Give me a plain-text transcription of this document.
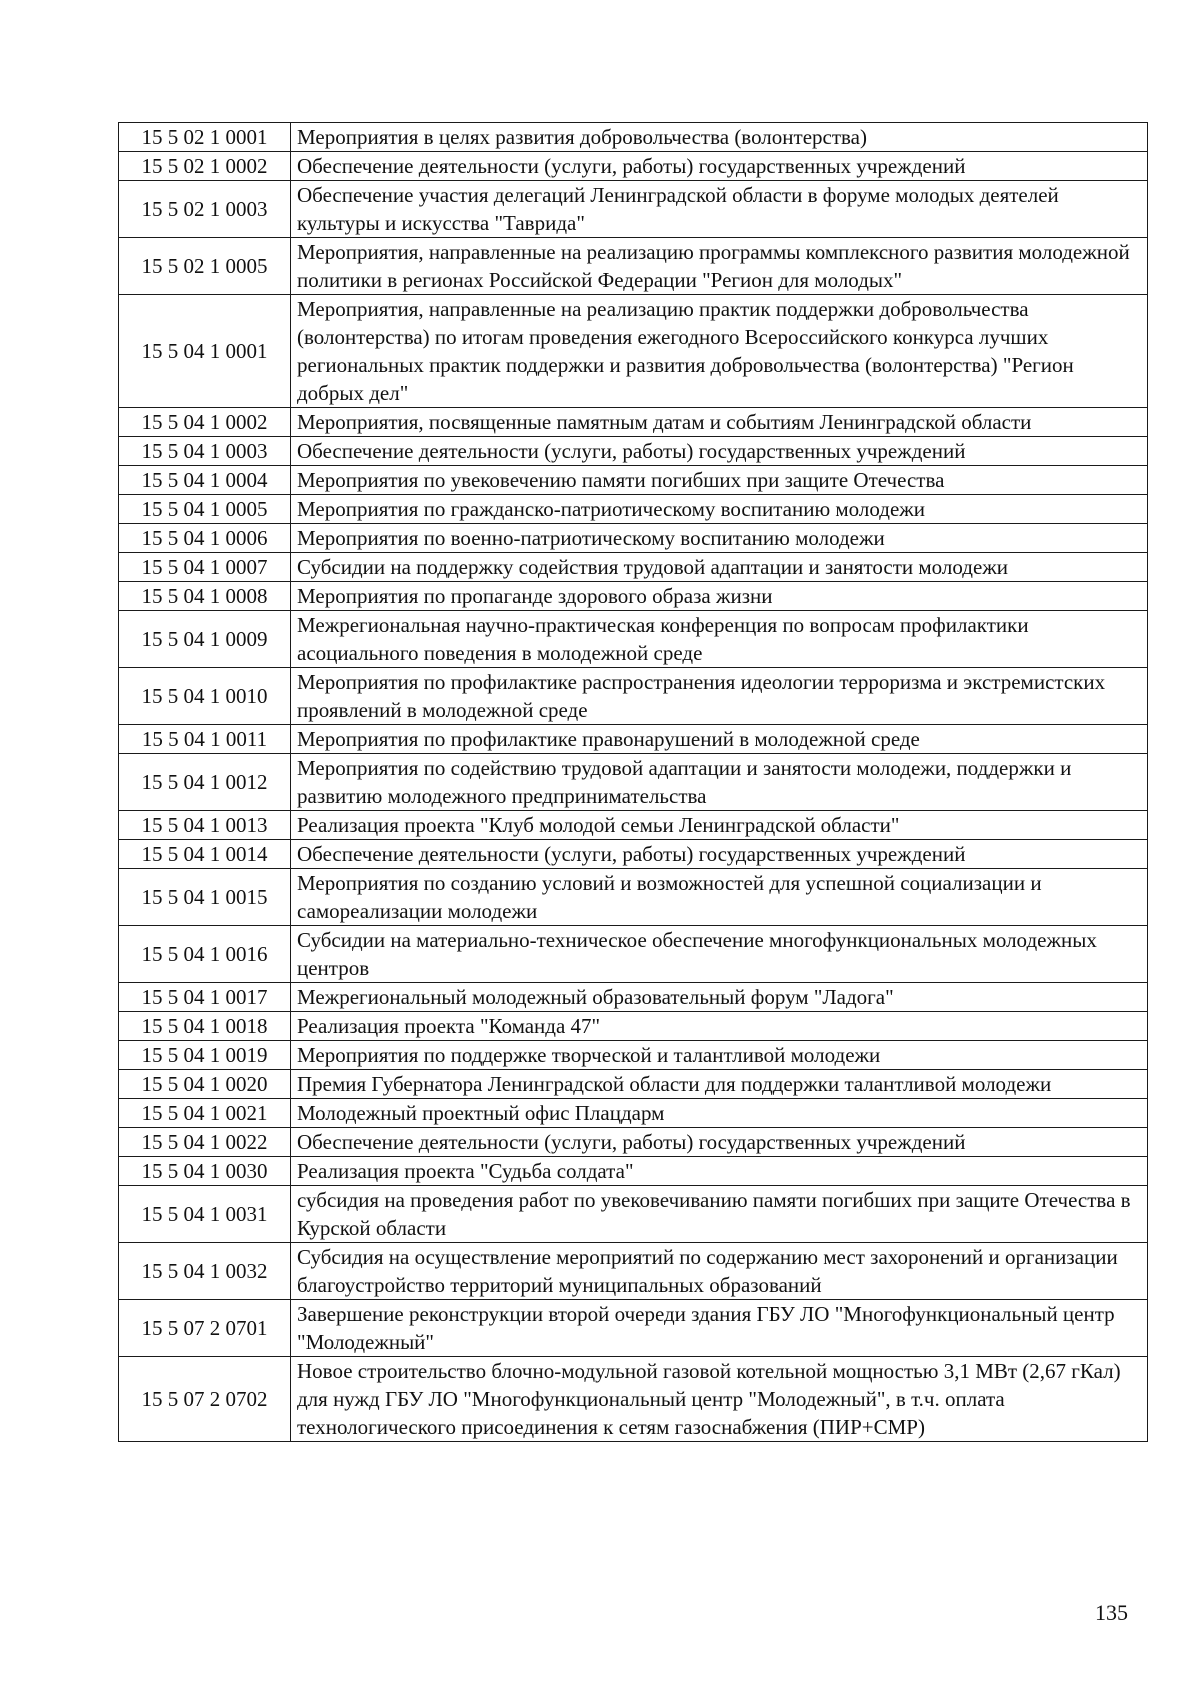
15 5 02 1 0001	Мероприятия в целях развития добровольчества (волонтерства)
15 5 02 1 0002	Обеспечение деятельности (услуги, работы) государственных учреждений
15 5 02 1 0003	Обеспечение участия делегаций Ленинградской области в форуме молодых деятелей культуры и искусства "Таврида"
15 5 02 1 0005	Мероприятия, направленные на реализацию программы комплексного развития молодежной политики в регионах Российской Федерации "Регион для молодых"
15 5 04 1 0001	Мероприятия, направленные на реализацию практик поддержки добровольчества (волонтерства) по итогам проведения ежегодного Всероссийского конкурса лучших региональных практик поддержки и развития добровольчества (волонтерства) "Регион добрых дел"
15 5 04 1 0002	Мероприятия, посвященные памятным датам и событиям Ленинградской области
15 5 04 1 0003	Обеспечение деятельности (услуги, работы) государственных учреждений
15 5 04 1 0004	Мероприятия по увековечению памяти погибших при защите Отечества
15 5 04 1 0005	Мероприятия по гражданско-патриотическому воспитанию молодежи
15 5 04 1 0006	Мероприятия по военно-патриотическому воспитанию молодежи
15 5 04 1 0007	Субсидии на поддержку содействия трудовой адаптации и занятости молодежи
15 5 04 1 0008	Мероприятия по пропаганде здорового образа жизни
15 5 04 1 0009	Межрегиональная научно-практическая конференция по вопросам профилактики асоциального поведения в молодежной среде
15 5 04 1 0010	Мероприятия по профилактике распространения идеологии терроризма и экстремистских проявлений в молодежной среде
15 5 04 1 0011	Мероприятия по профилактике правонарушений в молодежной среде
15 5 04 1 0012	Мероприятия по содействию трудовой адаптации и занятости молодежи, поддержки и развитию молодежного предпринимательства
15 5 04 1 0013	Реализация проекта "Клуб молодой семьи Ленинградской области"
15 5 04 1 0014	Обеспечение деятельности (услуги, работы) государственных учреждений
15 5 04 1 0015	Мероприятия по созданию условий и возможностей для успешной социализации и самореализации молодежи
15 5 04 1 0016	Субсидии на материально-техническое обеспечение многофункциональных молодежных центров
15 5 04 1 0017	Межрегиональный молодежный образовательный форум "Ладога"
15 5 04 1 0018	Реализация проекта "Команда 47"
15 5 04 1 0019	Мероприятия по поддержке творческой и талантливой молодежи
15 5 04 1 0020	Премия Губернатора Ленинградской области для поддержки талантливой молодежи
15 5 04 1 0021	Молодежный проектный офис Плацдарм
15 5 04 1 0022	Обеспечение деятельности (услуги, работы) государственных учреждений
15 5 04 1 0030	Реализация проекта "Судьба солдата"
15 5 04 1 0031	субсидия на проведения работ по увековечиванию памяти погибших при защите Отечества в Курской области
15 5 04 1 0032	Субсидия на осуществление мероприятий по содержанию мест захоронений и организации благоустройство территорий муниципальных образований
15 5 07 2 0701	Завершение реконструкции второй очереди здания ГБУ ЛО "Многофункциональный центр "Молодежный"
15 5 07 2 0702	Новое строительство блочно-модульной газовой котельной мощностью 3,1 МВт (2,67 гКал) для нужд ГБУ ЛО "Многофункциональный центр "Молодежный", в т.ч. оплата технологического присоединения к сетям газоснабжения (ПИР+СМР)
135
